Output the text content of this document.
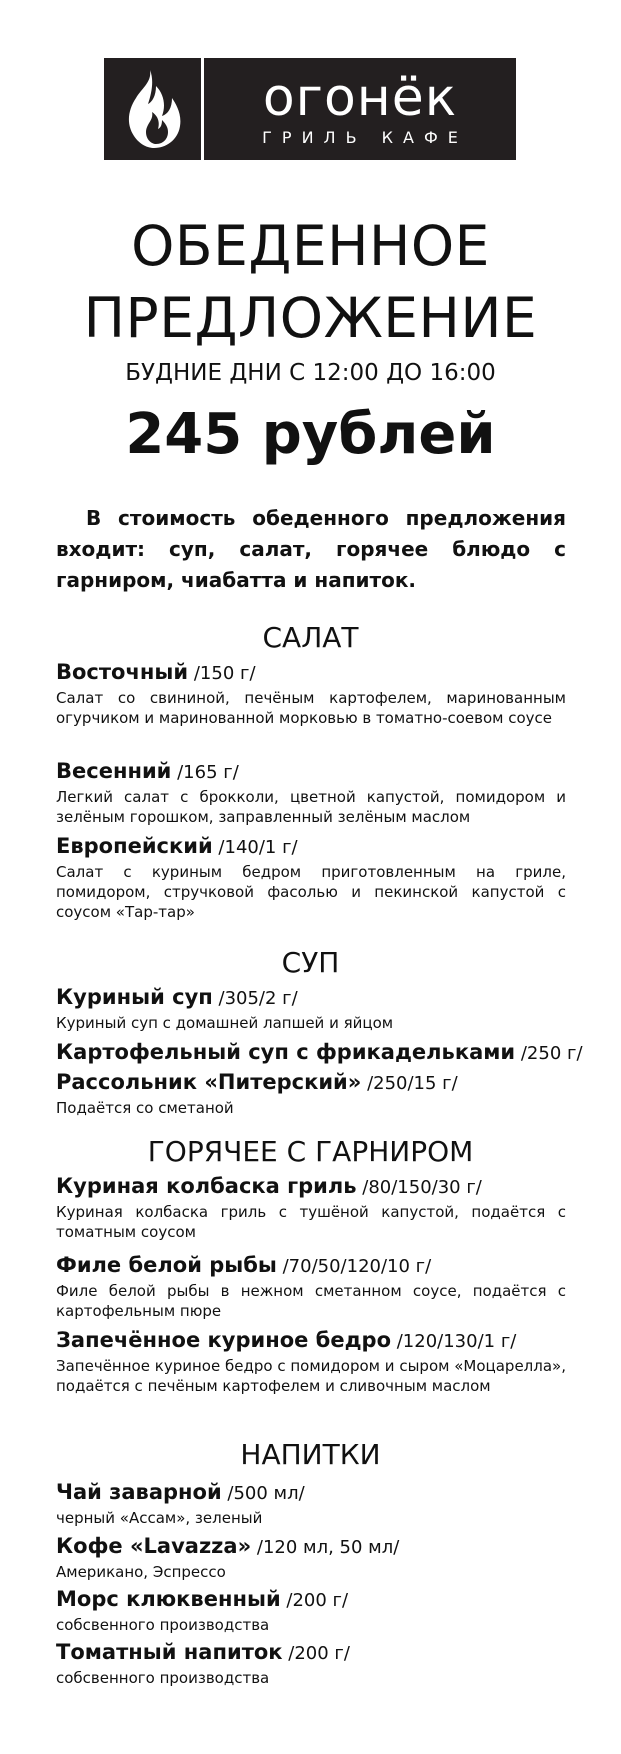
огонёк
ГРИЛЬ КАФЕ
ОБЕДЕННОЕ
ПРЕДЛОЖЕНИЕ
БУДНИЕ ДНИ С 12:00 ДО 16:00
245 рублей
В стоимость обеденного предложения входит: суп, салат, горячее блюдо с гарниром, чиабатта и напиток.
САЛАТ
Восточный /150 г/
Салат со свининой, печёным картофелем, маринованным огурчиком и маринованной морковью в томатно-соевом соусе
Весенний /165 г/
Легкий салат с брокколи, цветной капустой, помидором и зелёным горошком, заправленный зелёным маслом
Европейский /140/1 г/
Салат с куриным бедром приготовленным на гриле, помидором, стручковой фасолью и пекинской капустой с соусом «Тар-тар»
СУП
Куриный суп /305/2 г/
Куриный суп с домашней лапшей и яйцом
Картофельный суп с фрикадельками /250 г/
Рассольник «Питерский» /250/15 г/
Подаётся со сметаной
ГОРЯЧЕЕ С ГАРНИРОМ
Куриная колбаска гриль /80/150/30 г/
Куриная колбаска гриль с тушёной капустой, подаётся с томатным соусом
Филе белой рыбы /70/50/120/10 г/
Филе белой рыбы в нежном сметанном соусе, подаётся с картофельным пюре
Запечённое куриное бедро /120/130/1 г/
Запечённое куриное бедро с помидором и сыром «Моцарелла», подаётся с печёным картофелем и сливочным маслом
НАПИТКИ
Чай заварной /500 мл/
черный «Ассам», зеленый
Кофе «Lavazza» /120 мл, 50 мл/
Американо, Эспрессо
Морс клюквенный /200 г/
собсвенного производства
Томатный напиток /200 г/
собсвенного производства
